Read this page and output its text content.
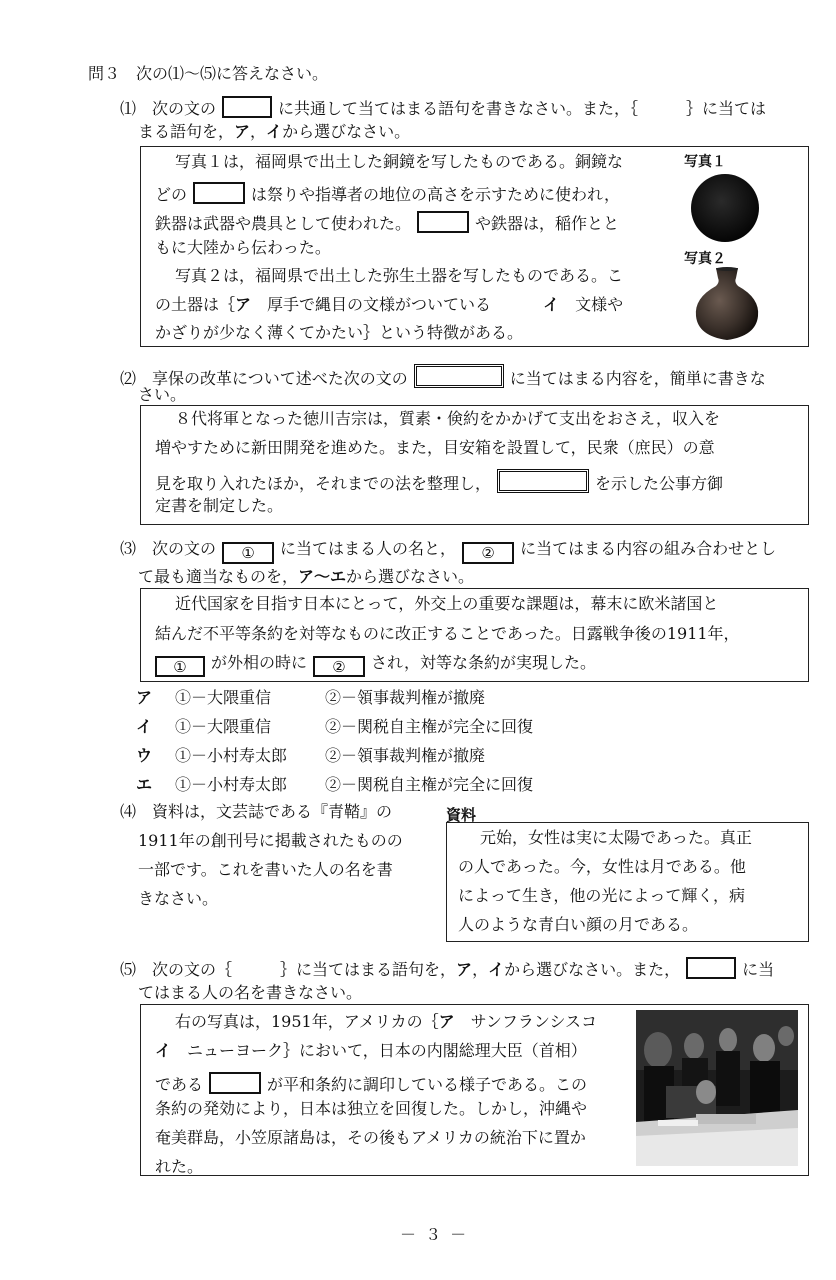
問３　次の⑴～⑸に答えなさい。
⑴　 次の文の	に共通して当てはまる語句を書きなさい。また，｛　　　｝に当ては
まる語句を，ア，イから選びなさい。
写真１は，福岡県で出土した銅鏡を写したものである。銅鏡な
どの	は祭りや指導者の地位の高さを示すために使われ，
鉄器は武器や農具として使われた。	や鉄器は，稲作とと
もに大陸から伝わった。
写真２は，福岡県で出土した弥生土器を写したものである。こ
の土器は｛ア　 厚手で縄目の文様がついている	イ　 文様や
かざりが少なく薄くてかたい｝という特徴がある。
写真１
写真２
⑵　 享保の改革について述べた次の文の	に当てはまる内容を，簡単に書きな
さい。
８代将軍となった徳川吉宗は，質素・倹約をかかげて支出をおさえ，収入を
増やすために新田開発を進めた。また，目安箱を設置して，民衆（庶民）の意
見を取り入れたほか，それまでの法を整理し，	を示した公事方御
定書を制定した。
⑶　 次の文の ① に当てはまる人の名と， ② に当てはまる内容の組み合わせとし
て最も適当なものを，ア～エから選びなさい。
近代国家を目指す日本にとって，外交上の重要な課題は，幕末に欧米諸国と
結んだ不平等条約を対等なものに改正することであった。日露戦争後の1911年，
① が外相の時に ② され，対等な条約が実現した。
ア ①－大隈重信	②－領事裁判権が撤廃
イ ①－大隈重信	②－関税自主権が完全に回復
ウ ①－小村寿太郎 ②－領事裁判権が撤廃
エ ①－小村寿太郎 ②－関税自主権が完全に回復
⑷　 資料は，文芸誌である『青鞜』の
1911年の創刊号に掲載されたものの
一部です。これを書いた人の名を書
きなさい。
資料
元始，女性は実に太陽であった。真正
の人であった。今，女性は月である。他
によって生き，他の光によって輝く，病
人のような青白い顔の月である。
⑸　 次の文の｛　　　｝に当てはまる語句を，ア，イから選びなさい。また，	に当
てはまる人の名を書きなさい。
右の写真は，1951年，アメリカの｛ア　 サンフランシスコ
イ　 ニューヨーク｝において，日本の内閣総理大臣（首相）
である	が平和条約に調印している様子である。この
条約の発効により，日本は独立を回復した。しかし，沖縄や
奄美群島，小笠原諸島は，その後もアメリカの統治下に置か
れた。
－ ３ －
